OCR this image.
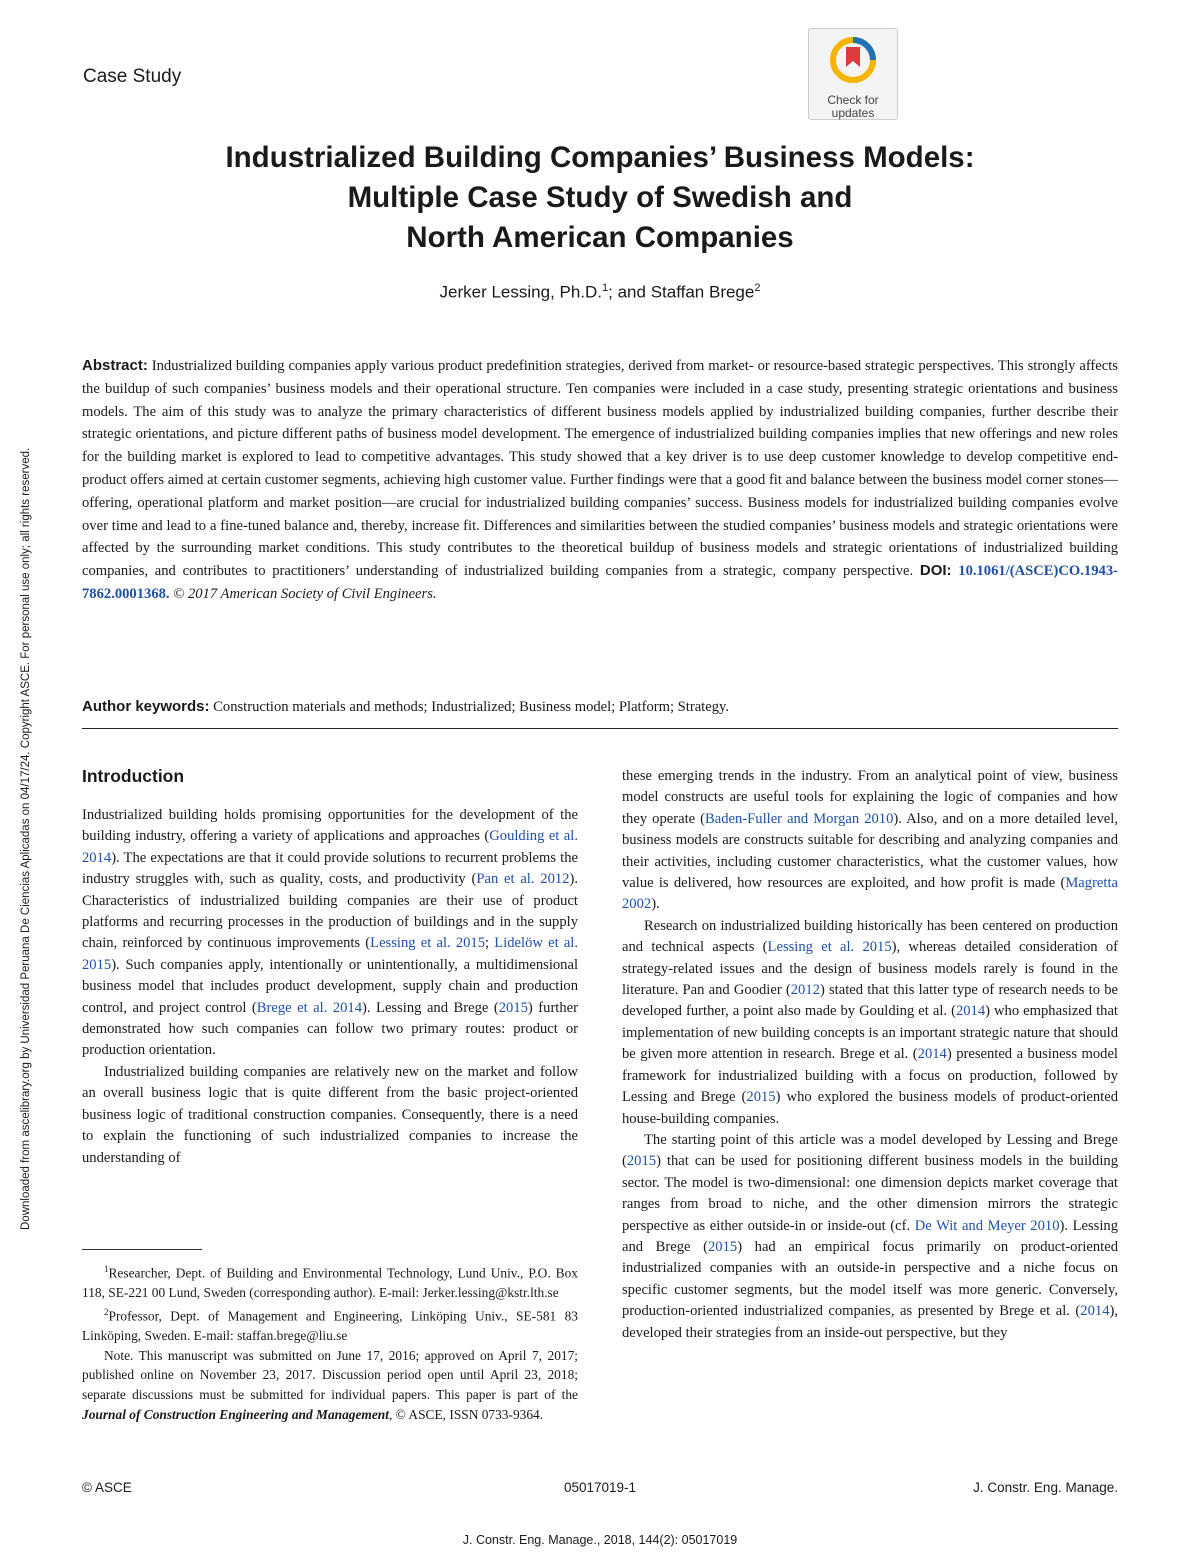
Case Study
Check for
updates
Industrialized Building Companies’ Business Models:
Multiple Case Study of Swedish and
North American Companies
Jerker Lessing, Ph.D.$^1$; and Staffan Brege$^2$
Abstract: Industrialized building companies apply various product predefinition strategies, derived from market- or resource-based strategic perspectives. This strongly affects the buildup of such companies’ business models and their operational structure. Ten companies were included in a case study, presenting strategic orientations and business models. The aim of this study was to analyze the primary characteristics of different business models applied by industrialized building companies, further describe their strategic orientations, and picture different paths of business model development. The emergence of industrialized building companies implies that new offerings and new roles for the building market is explored to lead to competitive advantages. This study showed that a key driver is to use deep customer knowledge to develop competitive end-product offers aimed at certain customer segments, achieving high customer value. Further findings were that a good fit and balance between the business model corner stones—offering, operational platform and market position—are crucial for industrialized building companies’ success. Business models for industrialized building companies evolve over time and lead to a fine-tuned balance and, thereby, increase fit. Differences and similarities between the studied companies’ business models and strategic orientations were affected by the surrounding market conditions. This study contributes to the theoretical buildup of business models and strategic orientations of industrialized building companies, and contributes to practitioners’ understanding of industrialized building companies from a strategic, company perspective. DOI: 10.1061/(ASCE)CO.1943-7862.0001368. © 2017 American Society of Civil Engineers.
Author keywords: Construction materials and methods; Industrialized; Business model; Platform; Strategy.
Introduction

Industrialized building holds promising opportunities for the development of the building industry, offering a variety of applications and approaches (Goulding et al. 2014). The expectations are that it could provide solutions to recurrent problems the industry struggles with, such as quality, costs, and productivity (Pan et al. 2012). Characteristics of industrialized building companies are their use of product platforms and recurring processes in the production of buildings and in the supply chain, reinforced by continuous improvements (Lessing et al. 2015; Lidelöw et al. 2015). Such companies apply, intentionally or unintentionally, a multidimensional business model that includes product development, supply chain and production control, and project control (Brege et al. 2014). Lessing and Brege (2015) further demonstrated how such companies can follow two primary routes: product or production orientation.

Industrialized building companies are relatively new on the market and follow an overall business logic that is quite different from the basic project-oriented business logic of traditional construction companies. Consequently, there is a need to explain the functioning of such industrialized companies to increase the understanding of

$^1$Researcher, Dept. of Building and Environmental Technology, Lund Univ., P.O. Box 118, SE-221 00 Lund, Sweden (corresponding author). E-mail: Jerker.lessing@kstr.lth.se

$^2$Professor, Dept. of Management and Engineering, Linköping Univ., SE-581 83 Linköping, Sweden. E-mail: staffan.brege@liu.se

Note. This manuscript was submitted on June 17, 2016; approved on April 7, 2017; published online on November 23, 2017. Discussion period open until April 23, 2018; separate discussions must be submitted for individual papers. This paper is part of the Journal of Construction Engineering and Management, © ASCE, ISSN 0733-9364.

these emerging trends in the industry. From an analytical point of view, business model constructs are useful tools for explaining the logic of companies and how they operate (Baden-Fuller and Morgan 2010). Also, and on a more detailed level, business models are constructs suitable for describing and analyzing companies and their activities, including customer characteristics, what the customer values, how value is delivered, how resources are exploited, and how profit is made (Magretta 2002).

Research on industrialized building historically has been centered on production and technical aspects (Lessing et al. 2015), whereas detailed consideration of strategy-related issues and the design of business models rarely is found in the literature. Pan and Goodier (2012) stated that this latter type of research needs to be developed further, a point also made by Goulding et al. (2014) who emphasized that implementation of new building concepts is an important strategic nature that should be given more attention in research. Brege et al. (2014) presented a business model framework for industrialized building with a focus on production, followed by Lessing and Brege (2015) who explored the business models of product-oriented house-building companies.

The starting point of this article was a model developed by Lessing and Brege (2015) that can be used for positioning different business models in the building sector. The model is two-dimensional: one dimension depicts market coverage that ranges from broad to niche, and the other dimension mirrors the strategic perspective as either outside-in or inside-out (cf. De Wit and Meyer 2010). Lessing and Brege (2015) had an empirical focus primarily on product-oriented industrialized companies with an outside-in perspective and a niche focus on specific customer segments, but the model itself was more generic. Conversely, production-oriented industrialized companies, as presented by Brege et al. (2014), developed their strategies from an inside-out perspective, but they

© ASCE	05017019-1	J. Constr. Eng. Manage.
J. Constr. Eng. Manage., 2018, 144(2): 05017019
Downloaded from ascelibrary.org by Universidad Peruana De Ciencias Aplicadas on 04/17/24. Copyright ASCE. For personal use only; all rights reserved.
